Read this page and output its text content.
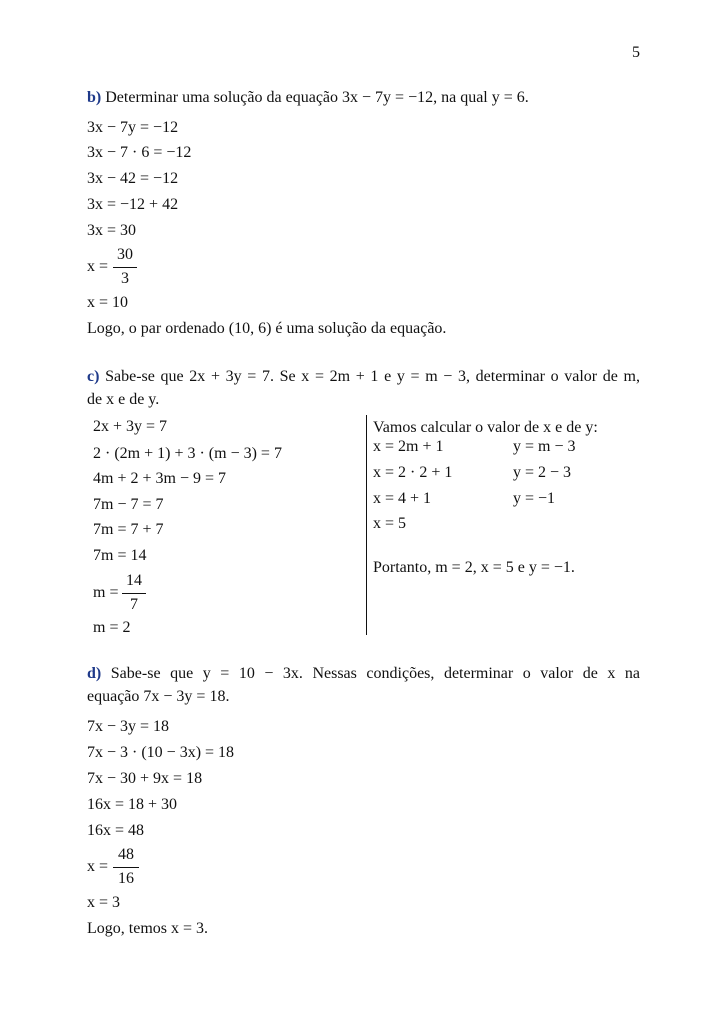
5
b) Determinar uma solução da equação 3x − 7y = −12, na qual y = 6.
3x − 7y = −12
3x − 7 · 6 = −12
3x − 42 = −12
3x = −12 + 42
3x = 30
x =
30
3
x = 10
Logo, o par ordenado (10, 6) é uma solução da equação.
c) Sabe-se que 2x + 3y = 7. Se x = 2m + 1 e y = m − 3, determinar o valor de m,
de x e de y.
2x + 3y = 7
2 · (2m + 1) + 3 · (m − 3) = 7
4m + 2 + 3m − 9 = 7
7m − 7 = 7
7m = 7 + 7
7m = 14
m =
14
7
m = 2
Vamos calcular o valor de x e de y:
x = 2m + 1
x = 2 · 2 + 1
x = 4 + 1
x = 5
y = m − 3
y = 2 − 3
y = −1
Portanto, m = 2, x = 5 e y = −1.
d) Sabe-se que y = 10 − 3x. Nessas condições, determinar o valor de x na
equação 7x − 3y = 18.
7x − 3y = 18
7x − 3 · (10 − 3x) = 18
7x − 30 + 9x = 18
16x = 18 + 30
16x = 48
x =
48
16
x = 3
Logo, temos x = 3.
